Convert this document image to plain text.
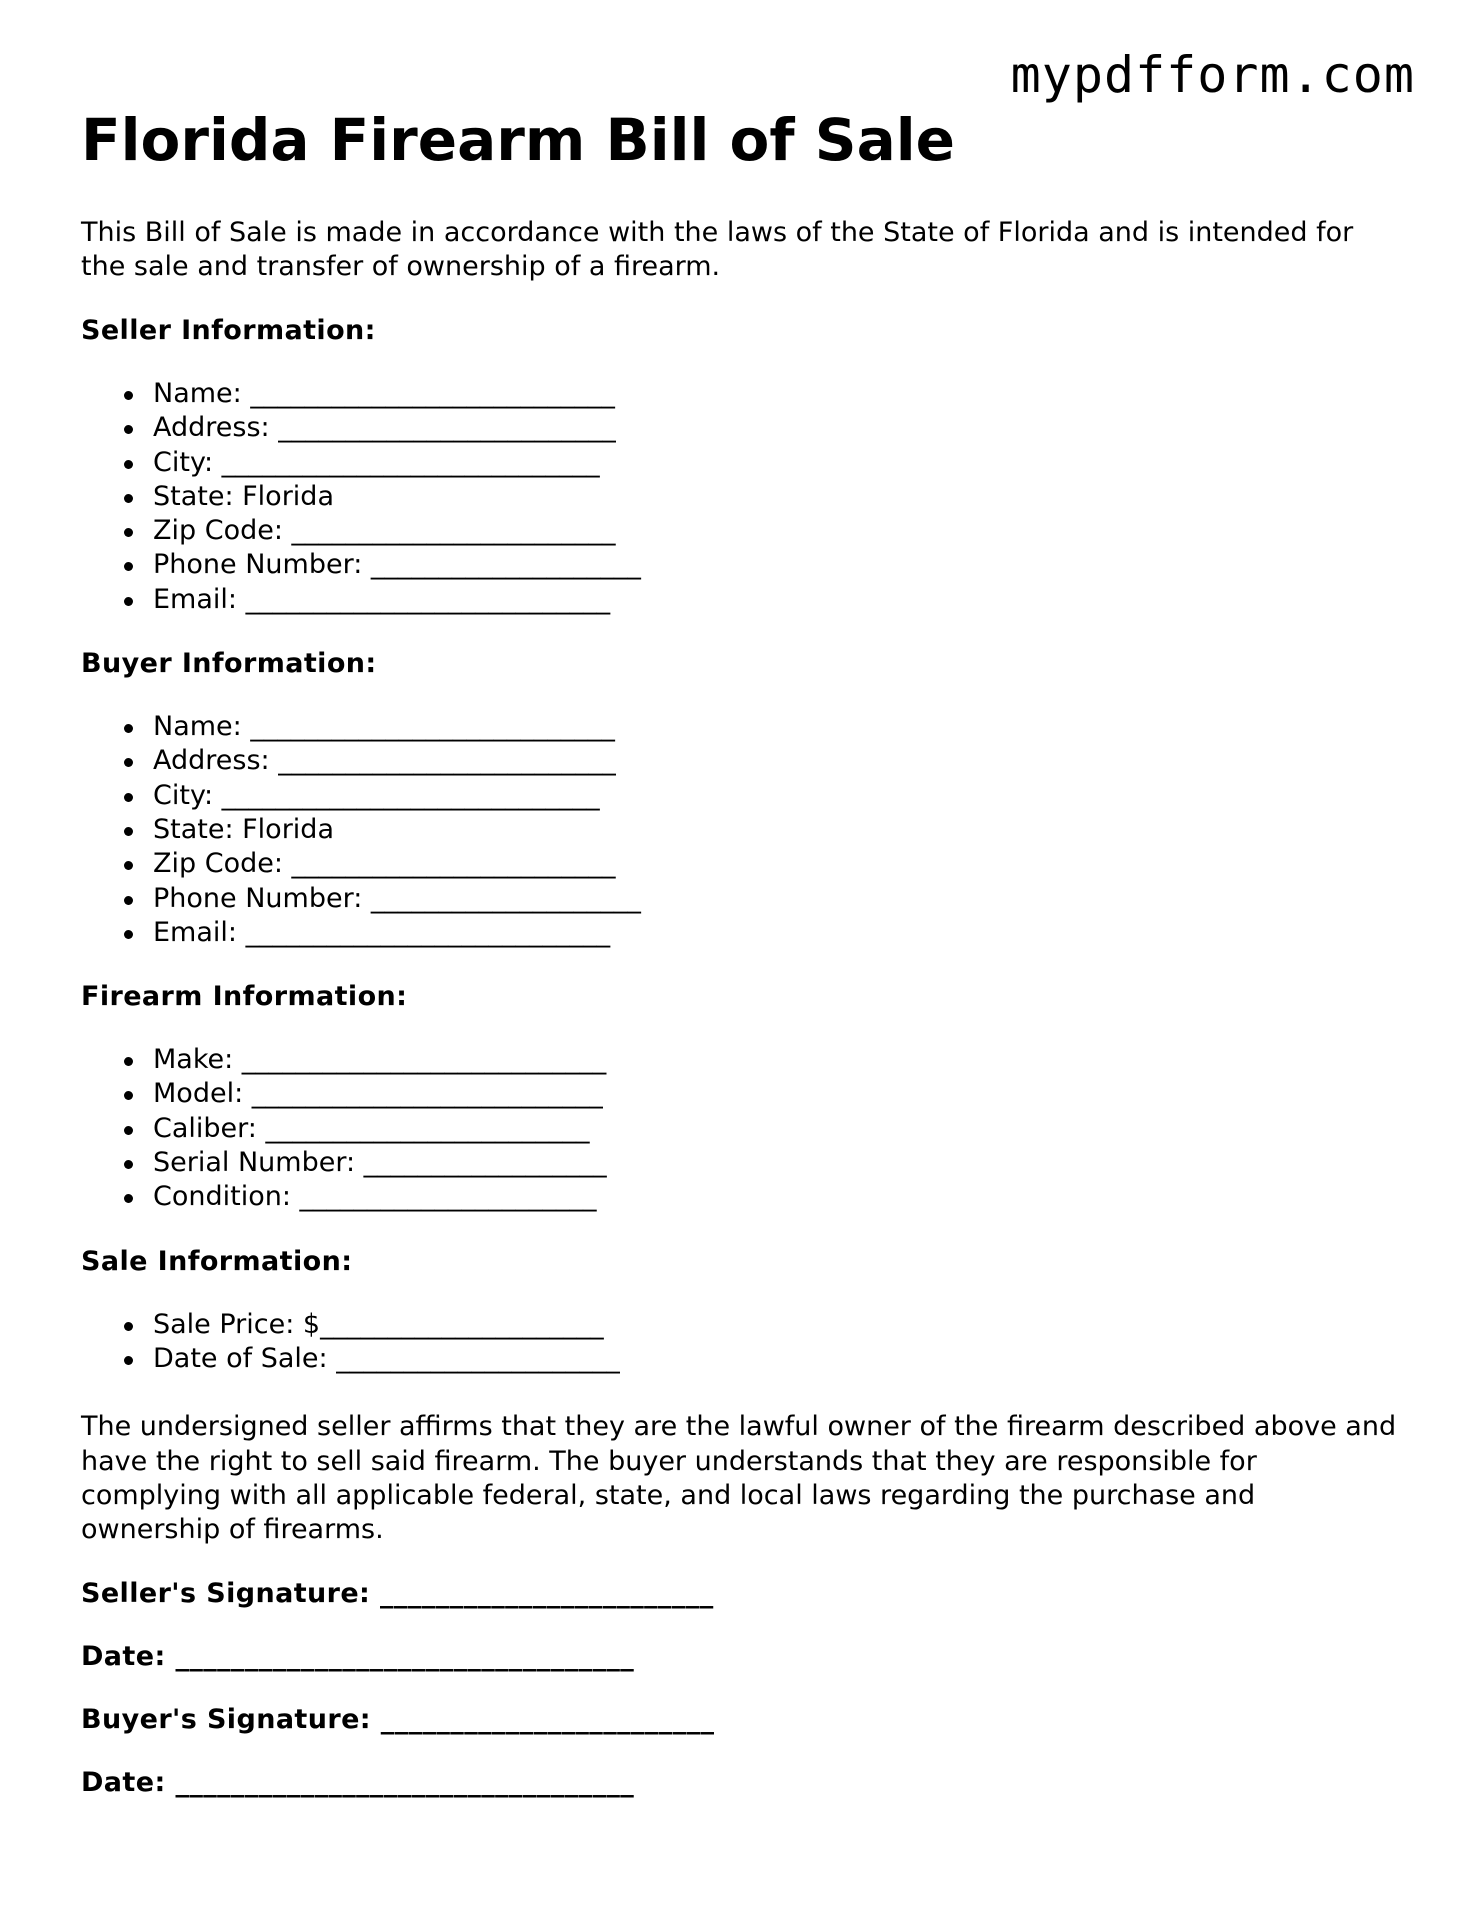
mypdfform.com
Florida Firearm Bill of Sale

This Bill of Sale is made in accordance with the laws of the State of Florida and is intended for the sale and transfer of ownership of a firearm.

Seller Information:
Name: ___________________________
Address: _________________________
City: ____________________________
State: Florida
Zip Code: ________________________
Phone Number: ____________________
Email: ___________________________
Buyer Information:
Name: ___________________________
Address: _________________________
City: ____________________________
State: Florida
Zip Code: ________________________
Phone Number: ____________________
Email: ___________________________
Firearm Information:
Make: ___________________________
Model: __________________________
Caliber: ________________________
Serial Number: __________________
Condition: ______________________
Sale Information:
Sale Price: $_____________________
Date of Sale: _____________________

The undersigned seller affirms that they are the lawful owner of the firearm described above and have the right to sell said firearm. The buyer understands that they are responsible for complying with all applicable federal, state, and local laws regarding the purchase and ownership of firearms.

Seller's Signature: ________________________
Date: _________________________________
Buyer's Signature: ________________________
Date: _________________________________
